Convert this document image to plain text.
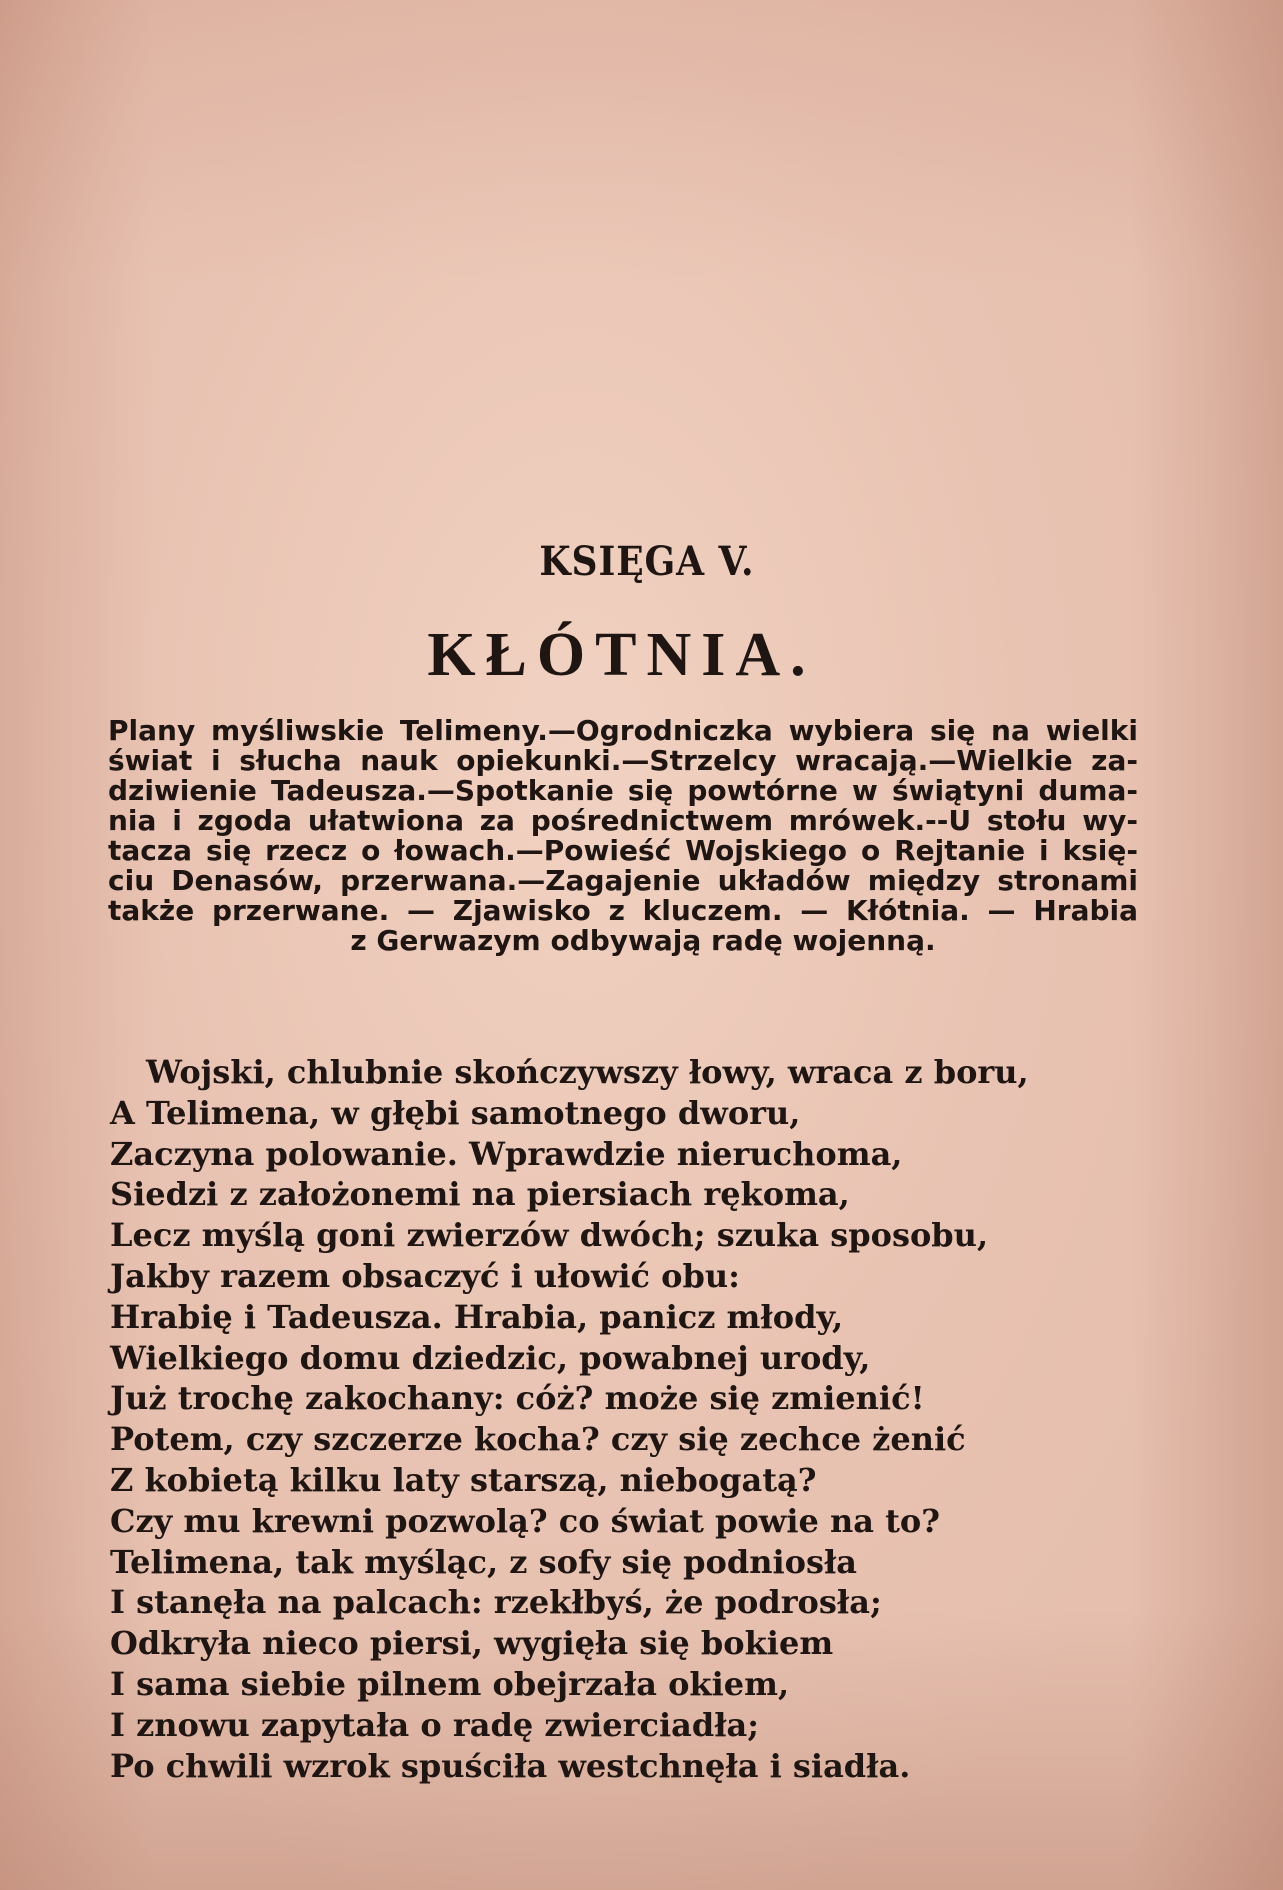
KSIĘGA V.
KŁÓTNIA.
Plany myśliwskie Telimeny.—Ogrodniczka wybiera się na wielki
świat i słucha nauk opiekunki.—Strzelcy wracają.—Wielkie za-
dziwienie Tadeusza.—Spotkanie się powtórne w świątyni duma-
nia i zgoda ułatwiona za pośrednictwem mrówek.--U stołu wy-
tacza się rzecz o łowach.—Powieść Wojskiego o Rejtanie i księ-
ciu Denasów, przerwana.—Zagajenie układów między stronami
także przerwane. — Zjawisko z kluczem. — Kłótnia. — Hrabia
z Gerwazym odbywają radę wojenną.
Wojski, chlubnie skończywszy łowy, wraca z boru,
A Telimena, w głębi samotnego dworu,
Zaczyna polowanie. Wprawdzie nieruchoma,
Siedzi z założonemi na piersiach rękoma,
Lecz myślą goni zwierzów dwóch; szuka sposobu,
Jakby razem obsaczyć i ułowić obu:
Hrabię i Tadeusza. Hrabia, panicz młody,
Wielkiego domu dziedzic, powabnej urody,
Już trochę zakochany: cóż? może się zmienić!
Potem, czy szczerze kocha? czy się zechce żenić
Z kobietą kilku laty starszą, niebogatą?
Czy mu krewni pozwolą? co świat powie na to?
Telimena, tak myśląc, z sofy się podniosła
I stanęła na palcach: rzekłbyś, że podrosła;
Odkryła nieco piersi, wygięła się bokiem
I sama siebie pilnem obejrzała okiem,
I znowu zapytała o radę zwierciadła;
Po chwili wzrok spuściła westchnęła i siadła.
